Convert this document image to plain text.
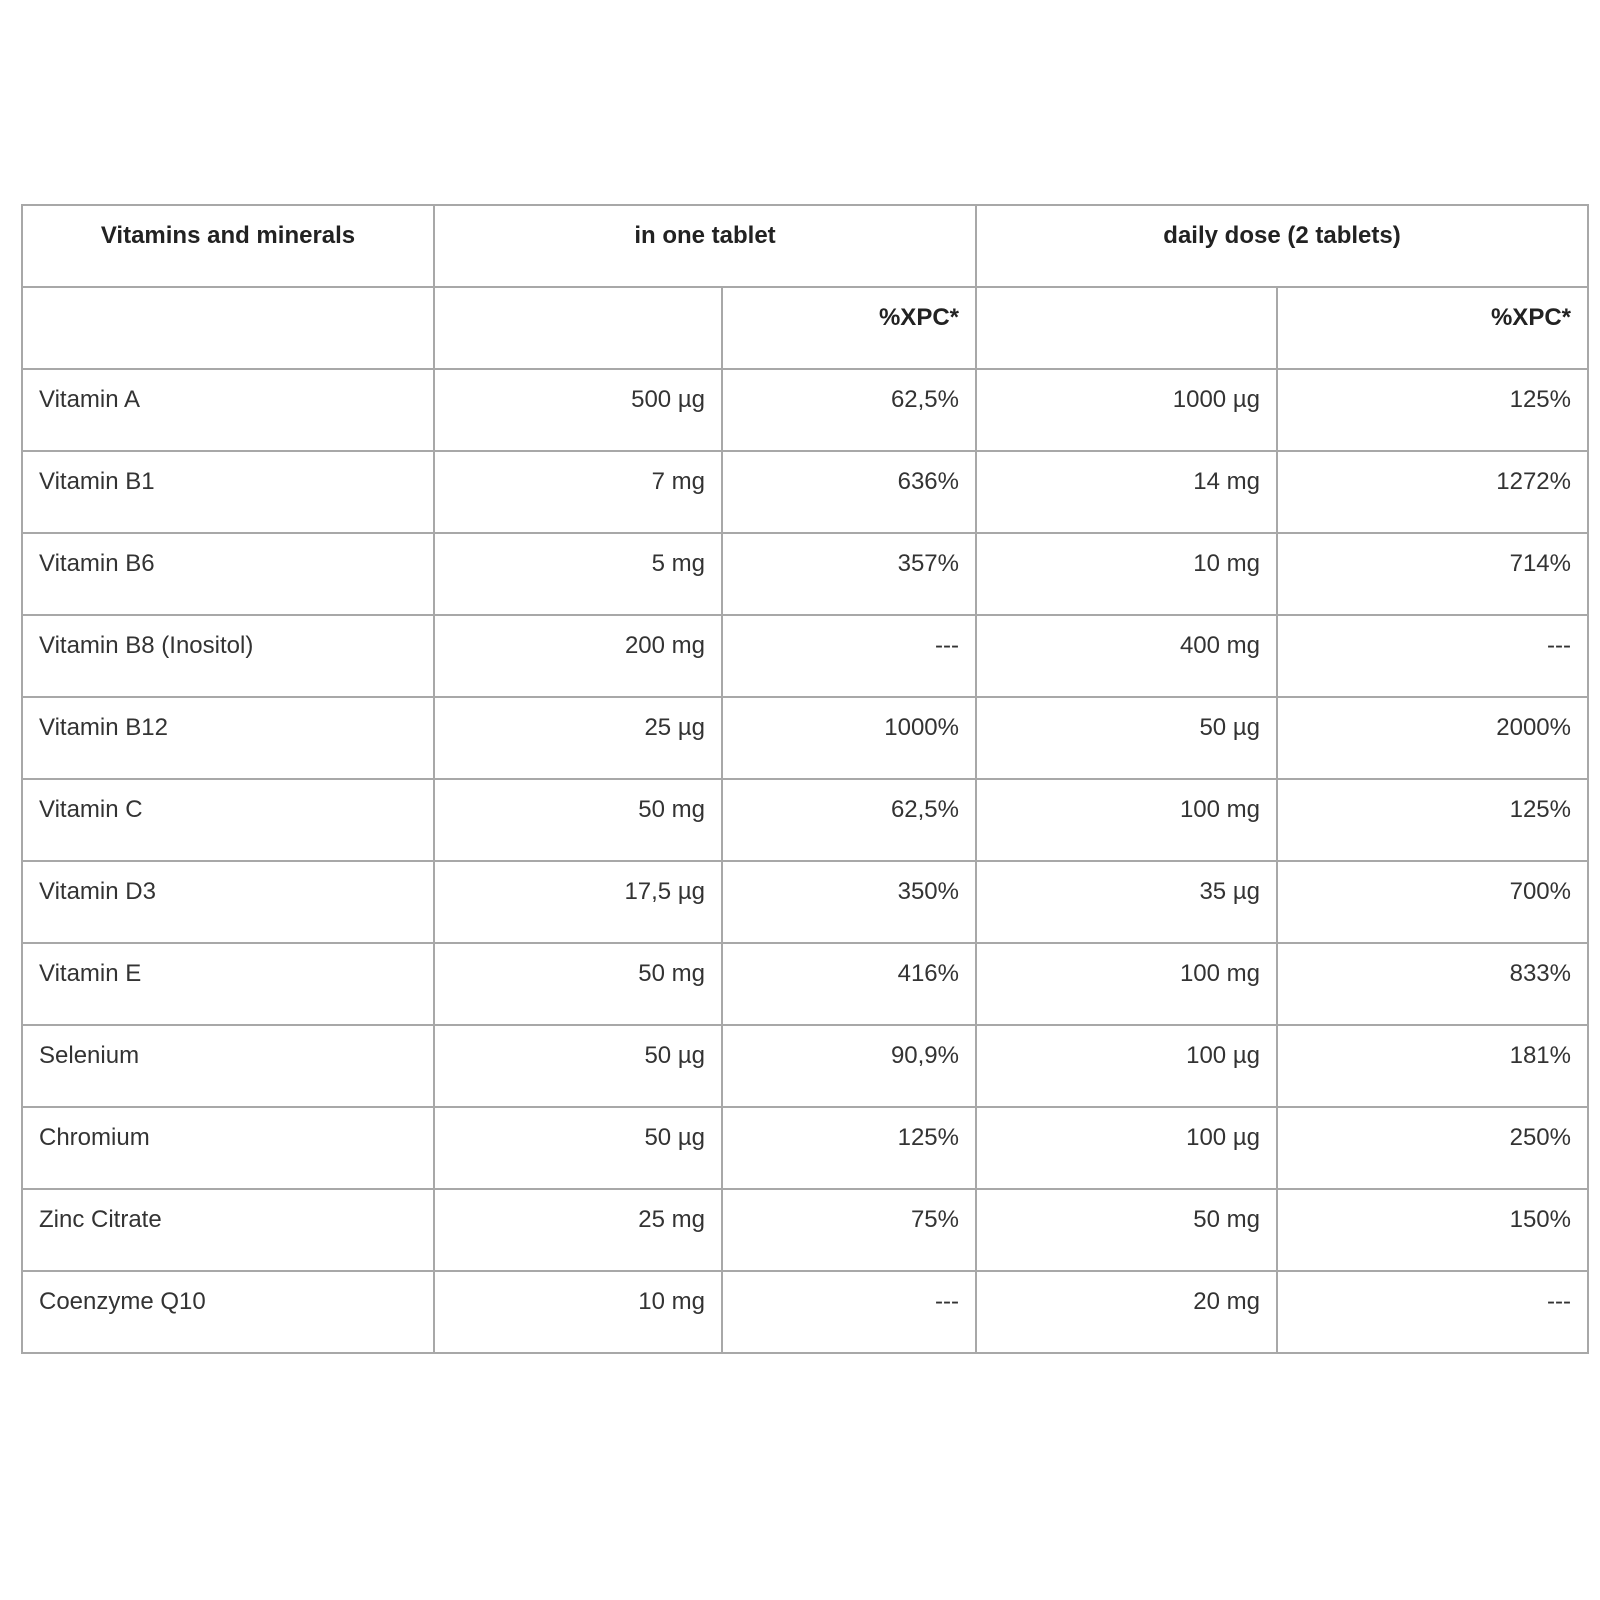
Vitamins and minerals	in one tablet		daily dose (2 tablets)	
		%XPC*		%XPC*
Vitamin A	500 µg	62,5%	1000 µg	125%
Vitamin B1	7 mg	636%	14 mg	1272%
Vitamin B6	5 mg	357%	10 mg	714%
Vitamin B8 (Inositol)	200 mg	---	400 mg	---
Vitamin B12	25 µg	1000%	50 µg	2000%
Vitamin C	50 mg	62,5%	100 mg	125%
Vitamin D3	17,5 µg	350%	35 µg	700%
Vitamin E	50 mg	416%	100 mg	833%
Selenium	50 µg	90,9%	100 µg	181%
Chromium	50 µg	125%	100 µg	250%
Zinc Citrate	25 mg	75%	50 mg	150%
Coenzyme Q10	10 mg	---	20 mg	---
